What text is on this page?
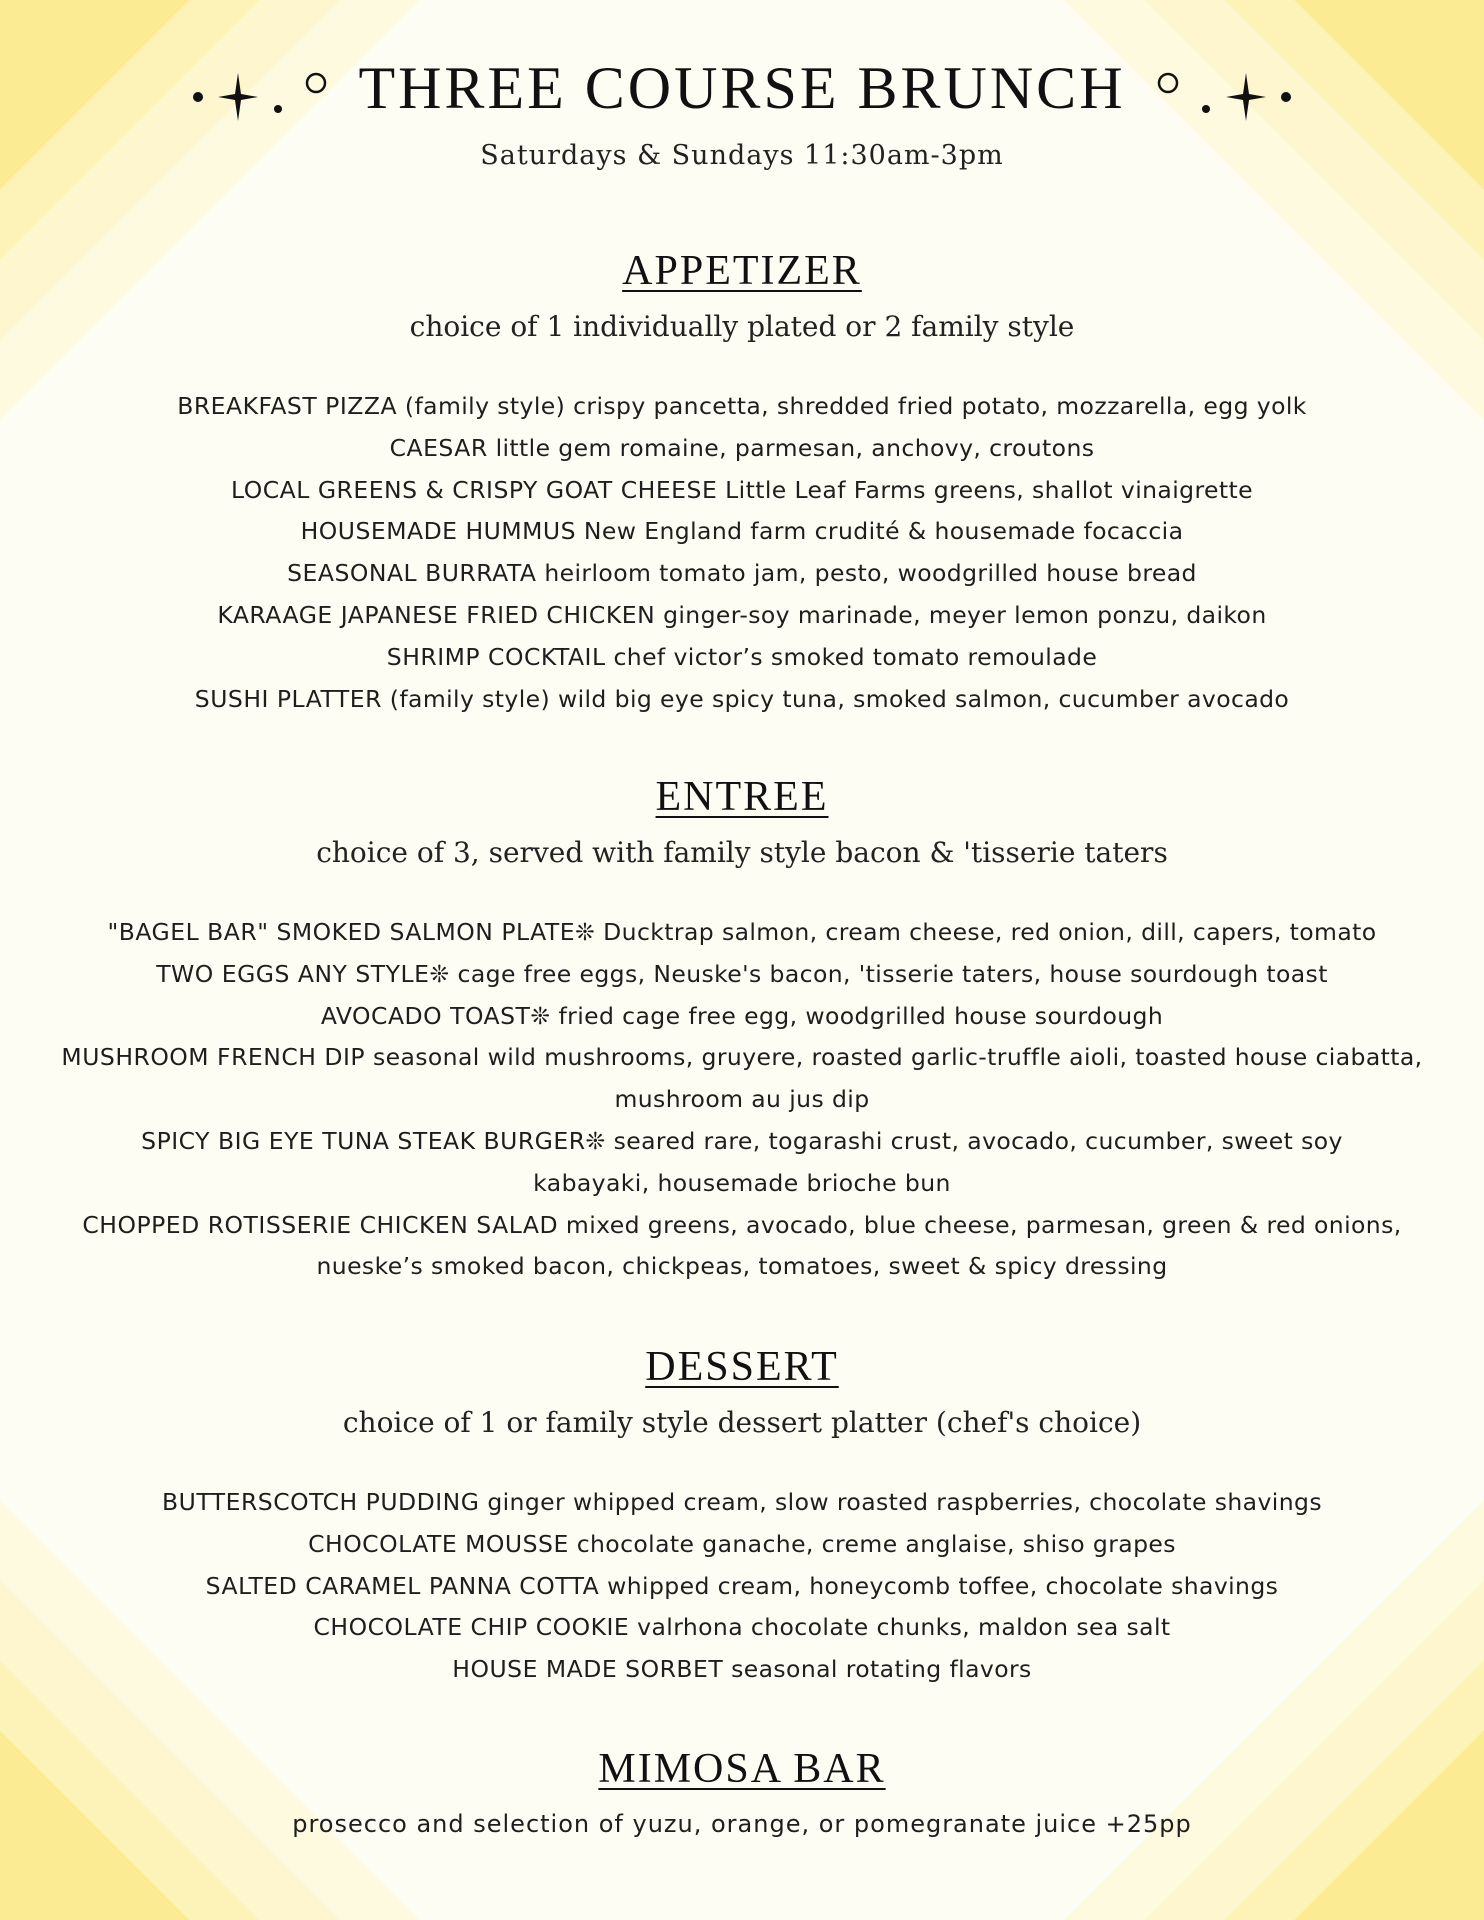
THREE COURSE BRUNCH
Saturdays & Sundays 11:30am-3pm
APPETIZER
choice of 1 individually plated or 2 family style
BREAKFAST PIZZA (family style) crispy pancetta, shredded fried potato, mozzarella, egg yolk
CAESAR little gem romaine, parmesan, anchovy, croutons
LOCAL GREENS & CRISPY GOAT CHEESE Little Leaf Farms greens, shallot vinaigrette
HOUSEMADE HUMMUS New England farm crudité & housemade focaccia
SEASONAL BURRATA heirloom tomato jam, pesto, woodgrilled house bread
KARAAGE JAPANESE FRIED CHICKEN ginger-soy marinade, meyer lemon ponzu, daikon
SHRIMP COCKTAIL chef victor’s smoked tomato remoulade
SUSHI PLATTER (family style) wild big eye spicy tuna, smoked salmon, cucumber avocado
ENTREE
choice of 3, served with family style bacon & 'tisserie taters
"BAGEL BAR" SMOKED SALMON PLATE❊ Ducktrap salmon, cream cheese, red onion, dill, capers, tomato
TWO EGGS ANY STYLE❊ cage free eggs, Neuske's bacon, 'tisserie taters, house sourdough toast
AVOCADO TOAST❊ fried cage free egg, woodgrilled house sourdough
MUSHROOM FRENCH DIP seasonal wild mushrooms, gruyere, roasted garlic-truffle aioli, toasted house ciabatta, mushroom au jus dip
SPICY BIG EYE TUNA STEAK BURGER❊ seared rare, togarashi crust, avocado, cucumber, sweet soy kabayaki, housemade brioche bun
CHOPPED ROTISSERIE CHICKEN SALAD mixed greens, avocado, blue cheese, parmesan, green & red onions, nueske’s smoked bacon, chickpeas, tomatoes, sweet & spicy dressing
DESSERT
choice of 1 or family style dessert platter (chef's choice)
BUTTERSCOTCH PUDDING ginger whipped cream, slow roasted raspberries, chocolate shavings
CHOCOLATE MOUSSE chocolate ganache, creme anglaise, shiso grapes
SALTED CARAMEL PANNA COTTA whipped cream, honeycomb toffee, chocolate shavings
CHOCOLATE CHIP COOKIE valrhona chocolate chunks, maldon sea salt
HOUSE MADE SORBET seasonal rotating flavors
MIMOSA BAR
prosecco and selection of yuzu, orange, or pomegranate juice +25pp
